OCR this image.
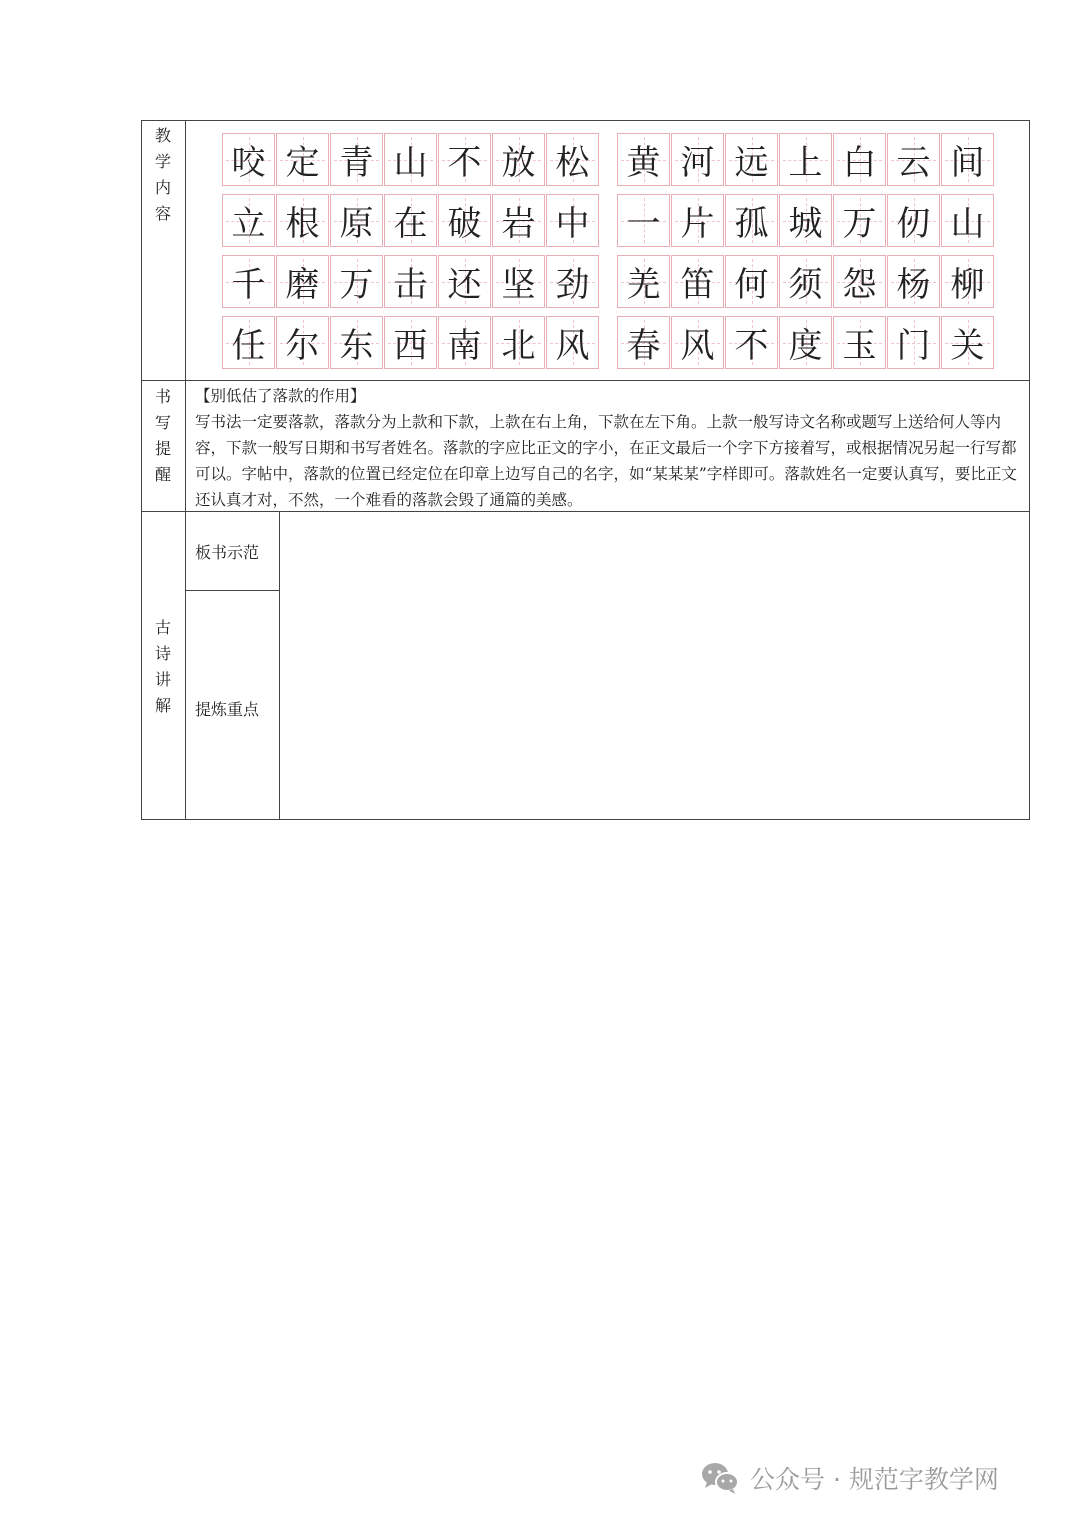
教
学
内
容
书
写
提
醒
古
诗
讲
解
咬 定 青 山 不 放 松
立 根 原 在 破 岩 中
千 磨 万 击 还 坚 劲
任 尔 东 西 南 北 风
黄 河 远 上 白 云 间
一 片 孤 城 万 仞 山
羌 笛 何 须 怨 杨 柳
春 风 不 度 玉 门 关

【别低估了落款的作用】

写书法一定要落款，落款分为上款和下款，上款在右上角，下款在左下角。上款一般写诗文名称或题写上送给何人等内容，下款一般写日期和书写者姓名。落款的字应比正文的字小，在正文最后一个字下方接着写，或根据情况另起一行写都可以。字帖中，落款的位置已经定位在印章上边写自己的名字，如“某某某”字样即可。落款姓名一定要认真写，要比正文还认真才对，不然，一个难看的落款会毁了通篇的美感。

板书示范
提炼重点
公众号 · 规范字教学网
